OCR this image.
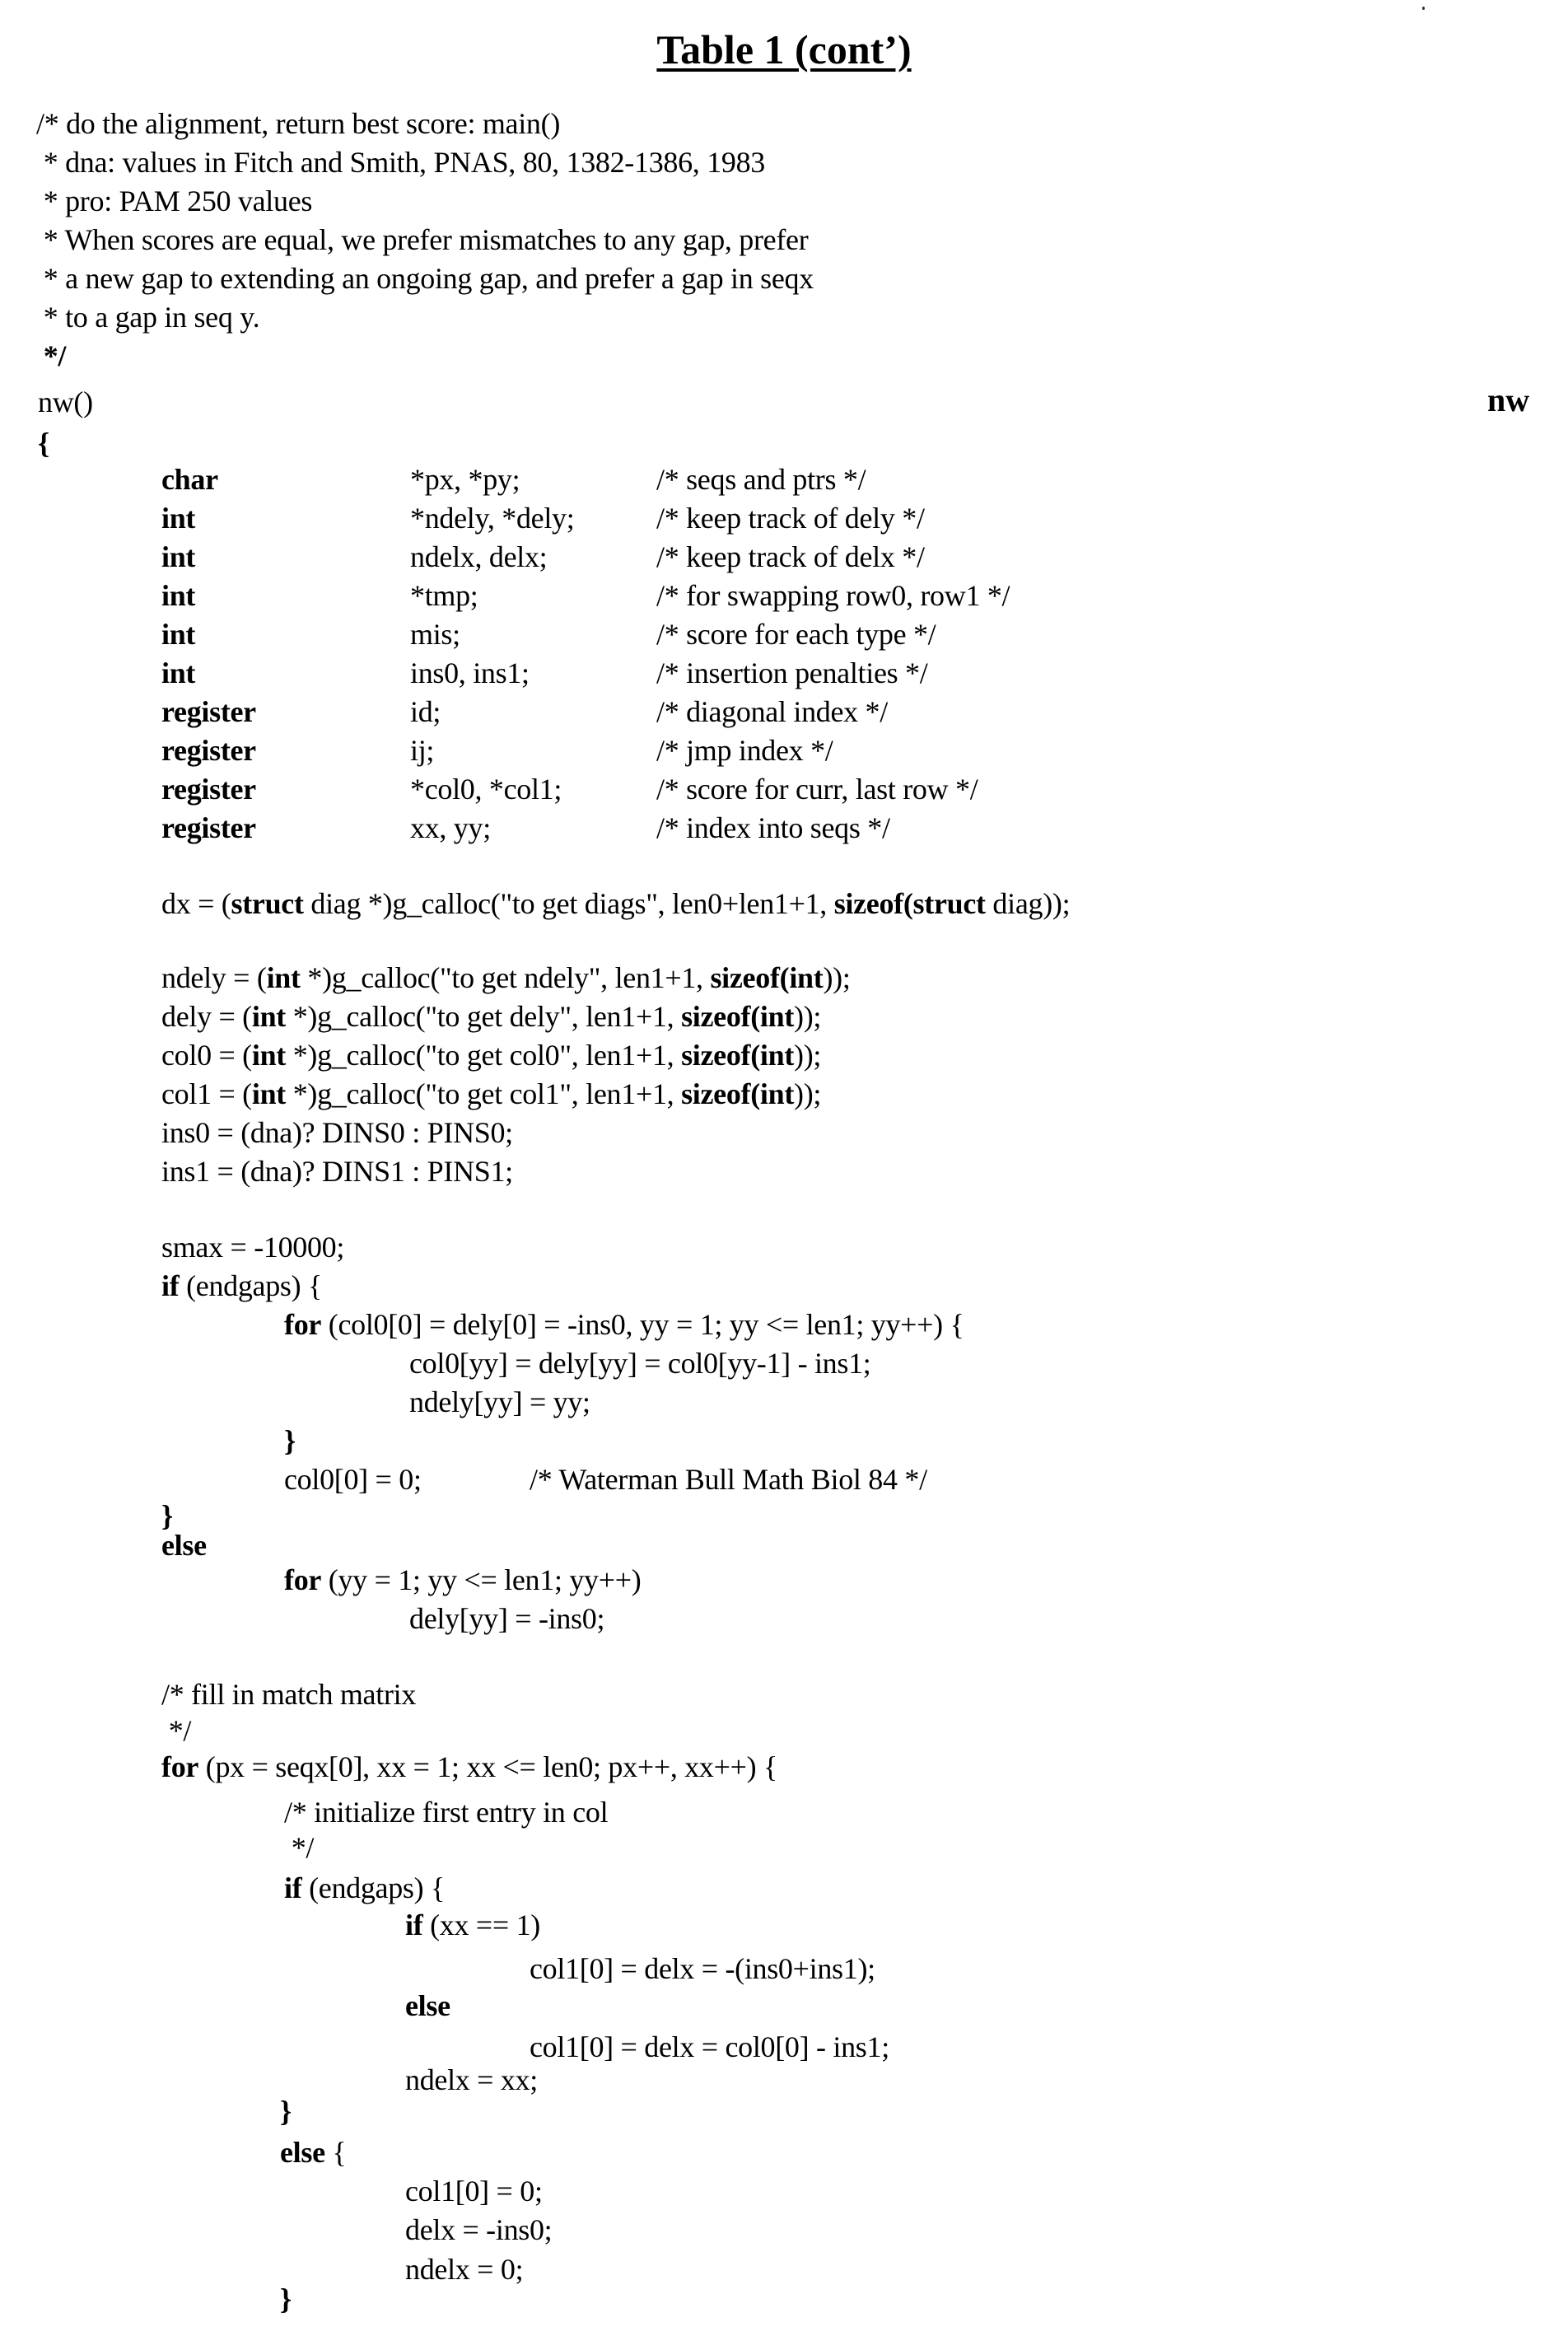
Table 1 (cont’)
nw
/* do the alignment, return best score: main()
* dna: values in Fitch and Smith, PNAS, 80, 1382-1386, 1983
* pro: PAM 250 values
* When scores are equal, we prefer mismatches to any gap, prefer
* a new gap to extending an ongoing gap, and prefer a gap in seqx
* to a gap in seq y.
*/
nw()
{
char	*px, *py;	/* seqs and ptrs */
int	*ndely, *dely;	/* keep track of dely */
int	ndelx, delx;	/* keep track of delx */
int	*tmp;	/* for swapping row0, row1 */
int	mis;	/* score for each type */
int	ins0, ins1;	/* insertion penalties */
register	id;	/* diagonal index */
register	ij;	/* jmp index */
register	*col0, *col1;	/* score for curr, last row */
register	xx, yy;	/* index into seqs */
dx = (struct diag *)g_calloc("to get diags", len0+len1+1, sizeof(struct diag));
ndely = (int *)g_calloc("to get ndely", len1+1, sizeof(int));
dely = (int *)g_calloc("to get dely", len1+1, sizeof(int));
col0 = (int *)g_calloc("to get col0", len1+1, sizeof(int));
col1 = (int *)g_calloc("to get col1", len1+1, sizeof(int));
ins0 = (dna)? DINS0 : PINS0;
ins1 = (dna)? DINS1 : PINS1;
smax = -10000;
if (endgaps) {
for (col0[0] = dely[0] = -ins0, yy = 1; yy <= len1; yy++) {
col0[yy] = dely[yy] = col0[yy-1] - ins1;
ndely[yy] = yy;
}
col0[0] = 0;	/* Waterman Bull Math Biol 84 */
}
else
for (yy = 1; yy <= len1; yy++)
dely[yy] = -ins0;
/* fill in match matrix
*/
for (px = seqx[0], xx = 1; xx <= len0; px++, xx++) {
/* initialize first entry in col
*/
if (endgaps) {
if (xx == 1)
col1[0] = delx = -(ins0+ins1);
else
col1[0] = delx = col0[0] - ins1;
ndelx = xx;
}
else {
col1[0] = 0;
delx = -ins0;
ndelx = 0;
}
